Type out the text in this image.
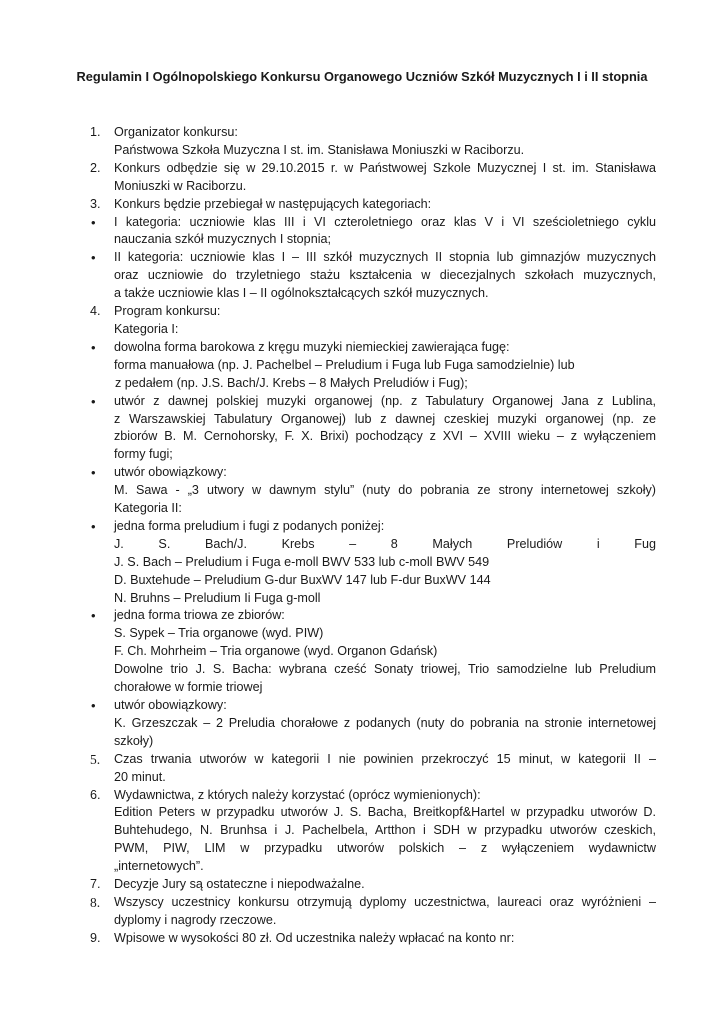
Regulamin I Ogólnopolskiego Konkursu Organowego Uczniów Szkół Muzycznych I i II stopnia
1.	Organizator konkursu:
Państwowa Szkoła Muzyczna I st. im. Stanisława Moniuszki w Raciborzu.
2.	Konkurs odbędzie się w 29.10.2015 r. w Państwowej Szkole Muzycznej I st. im. Stanisława
Moniuszki w Raciborzu.
3.	Konkurs będzie przebiegał w następujących kategoriach:
•	I kategoria: uczniowie klas III i VI czteroletniego oraz klas V i VI sześcioletniego cyklu
nauczania szkół muzycznych I stopnia;
•	II kategoria: uczniowie klas I – III szkół muzycznych II stopnia lub gimnazjów muzycznych
oraz uczniowie do trzyletniego stażu kształcenia w diecezjalnych szkołach muzycznych,
a także uczniowie klas I – II ogólnokształcących szkół muzycznych.
4.	Program konkursu:
Kategoria I:
•	dowolna forma barokowa z kręgu muzyki niemieckiej zawierająca fugę:
forma manuałowa (np. J. Pachelbel – Preludium i Fuga lub Fuga samodzielnie) lub
z pedałem (np. J.S. Bach/J. Krebs – 8 Małych Preludiów i Fug);
•	utwór z dawnej polskiej muzyki organowej (np. z Tabulatury Organowej Jana z Lublina,
z Warszawskiej Tabulatury Organowej) lub z dawnej czeskiej muzyki organowej (np. ze
zbiorów B. M. Cernohorsky, F. X. Brixi) pochodzący z XVI – XVIII wieku – z wyłączeniem
formy fugi;
•	utwór obowiązkowy:
M. Sawa - „3 utwory w dawnym stylu” (nuty do pobrania ze strony internetowej szkoły)
Kategoria II:
•	jedna forma preludium i fugi z podanych poniżej:
J. S. Bach/J. Krebs – 8 Małych Preludiów i Fug
J. S. Bach – Preludium i Fuga e-moll BWV 533 lub c-moll BWV 549
D. Buxtehude – Preludium G-dur BuxWV 147 lub F-dur BuxWV 144
N. Bruhns – Preludium Ii Fuga g-moll
•	jedna forma triowa ze zbiorów:
S. Sypek – Tria organowe (wyd. PIW)
F. Ch. Mohrheim – Tria organowe (wyd. Organon Gdańsk)
Dowolne trio J. S. Bacha: wybrana cześć Sonaty triowej, Trio samodzielne lub Preludium
chorałowe w formie triowej
•	utwór obowiązkowy:
K. Grzeszczak – 2 Preludia chorałowe z podanych (nuty do pobrania na stronie internetowej
szkoły)
5.	Czas trwania utworów w kategorii I nie powinien przekroczyć 15 minut, w kategorii II –
20 minut.
6.	Wydawnictwa, z których należy korzystać (oprócz wymienionych):
Edition Peters w przypadku utworów J. S. Bacha, Breitkopf&Hartel w przypadku utworów D.
Buhtehudego, N. Brunhsa i J. Pachelbela, Artthon i SDH w przypadku utworów czeskich,
PWM, PIW, LIM w przypadku utworów polskich – z wyłączeniem wydawnictw
„internetowych”.
7.	Decyzje Jury są ostateczne i niepodważalne.
8.	Wszyscy uczestnicy konkursu otrzymują dyplomy uczestnictwa, laureaci oraz wyróżnieni –
dyplomy i nagrody rzeczowe.
9.	Wpisowe w wysokości 80 zł. Od uczestnika należy wpłacać na konto nr:
